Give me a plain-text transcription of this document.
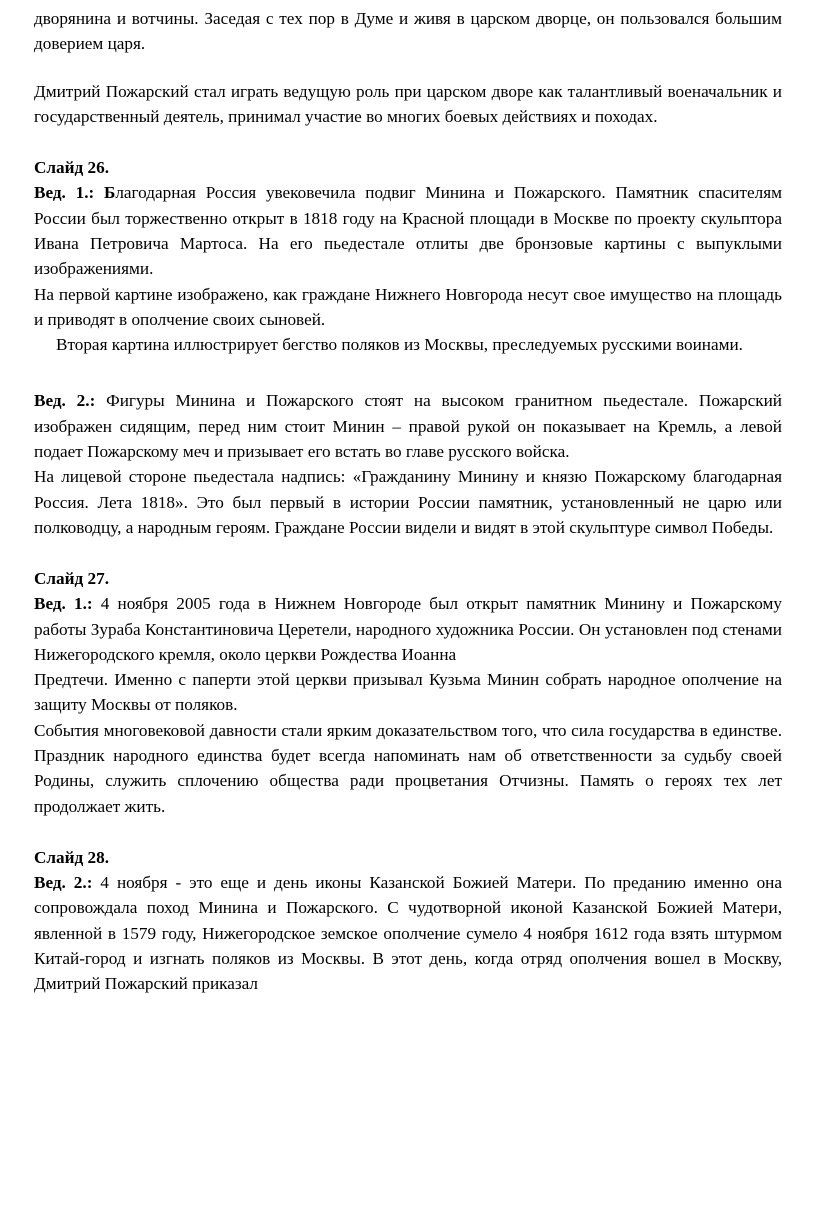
дворянина и вотчины. Заседая с тех пор в Думе и живя в царском дворце, он пользовался большим доверием царя.

Дмитрий Пожарский стал играть ведущую роль при царском дворе как талантливый военачальник и государственный деятель, принимал участие во многих боевых действиях и походах.

Слайд 26.

Вед. 1.: Благодарная Россия увековечила подвиг Минина и Пожарского. Памятник спасителям России был торжественно открыт в 1818 году на Красной площади в Москве по проекту скульптора Ивана Петровича Мартоса. На его пьедестале отлиты две бронзовые картины с выпуклыми изображениями.

На первой картине изображено, как граждане Нижнего Новгорода несут свое имущество на площадь и приводят в ополчение своих сыновей.

Вторая картина иллюстрирует бегство поляков из Москвы, преследуемых русскими воинами.

Вед. 2.: Фигуры Минина и Пожарского стоят на высоком гранитном пьедестале. Пожарский изображен сидящим, перед ним стоит Минин – правой рукой он показывает на Кремль, а левой подает Пожарскому меч и призывает его встать во главе русского войска.

На лицевой стороне пьедестала надпись: «Гражданину Минину и князю Пожарскому благодарная Россия. Лета 1818». Это был первый в истории России памятник, установленный не царю или полководцу, а народным героям. Граждане России видели и видят в этой скульптуре символ Победы.

Слайд 27.

Вед. 1.: 4 ноября 2005 года в Нижнем Новгороде был открыт памятник Минину и Пожарскому работы Зураба Константиновича Церетели, народного художника России. Он установлен под стенами Нижегородского кремля, около церкви Рождества Иоанна

Предтечи. Именно с паперти этой церкви призывал Кузьма Минин собрать народное ополчение на защиту Москвы от поляков.

События многовековой давности стали ярким доказательством того, что сила государства в единстве. Праздник народного единства будет всегда напоминать нам об ответственности за судьбу своей Родины, служить сплочению общества ради процветания Отчизны. Память о героях тех лет продолжает жить.

Слайд 28.

Вед. 2.: 4 ноября - это еще и день иконы Казанской Божией Матери. По преданию именно она сопровождала поход Минина и Пожарского. С чудотворной иконой Казанской Божией Матери, явленной в 1579 году, Нижегородское земское ополчение сумело 4 ноября 1612 года взять штурмом Китай-город и изгнать поляков из Москвы. В этот день, когда отряд ополчения вошел в Москву, Дмитрий Пожарский приказал
